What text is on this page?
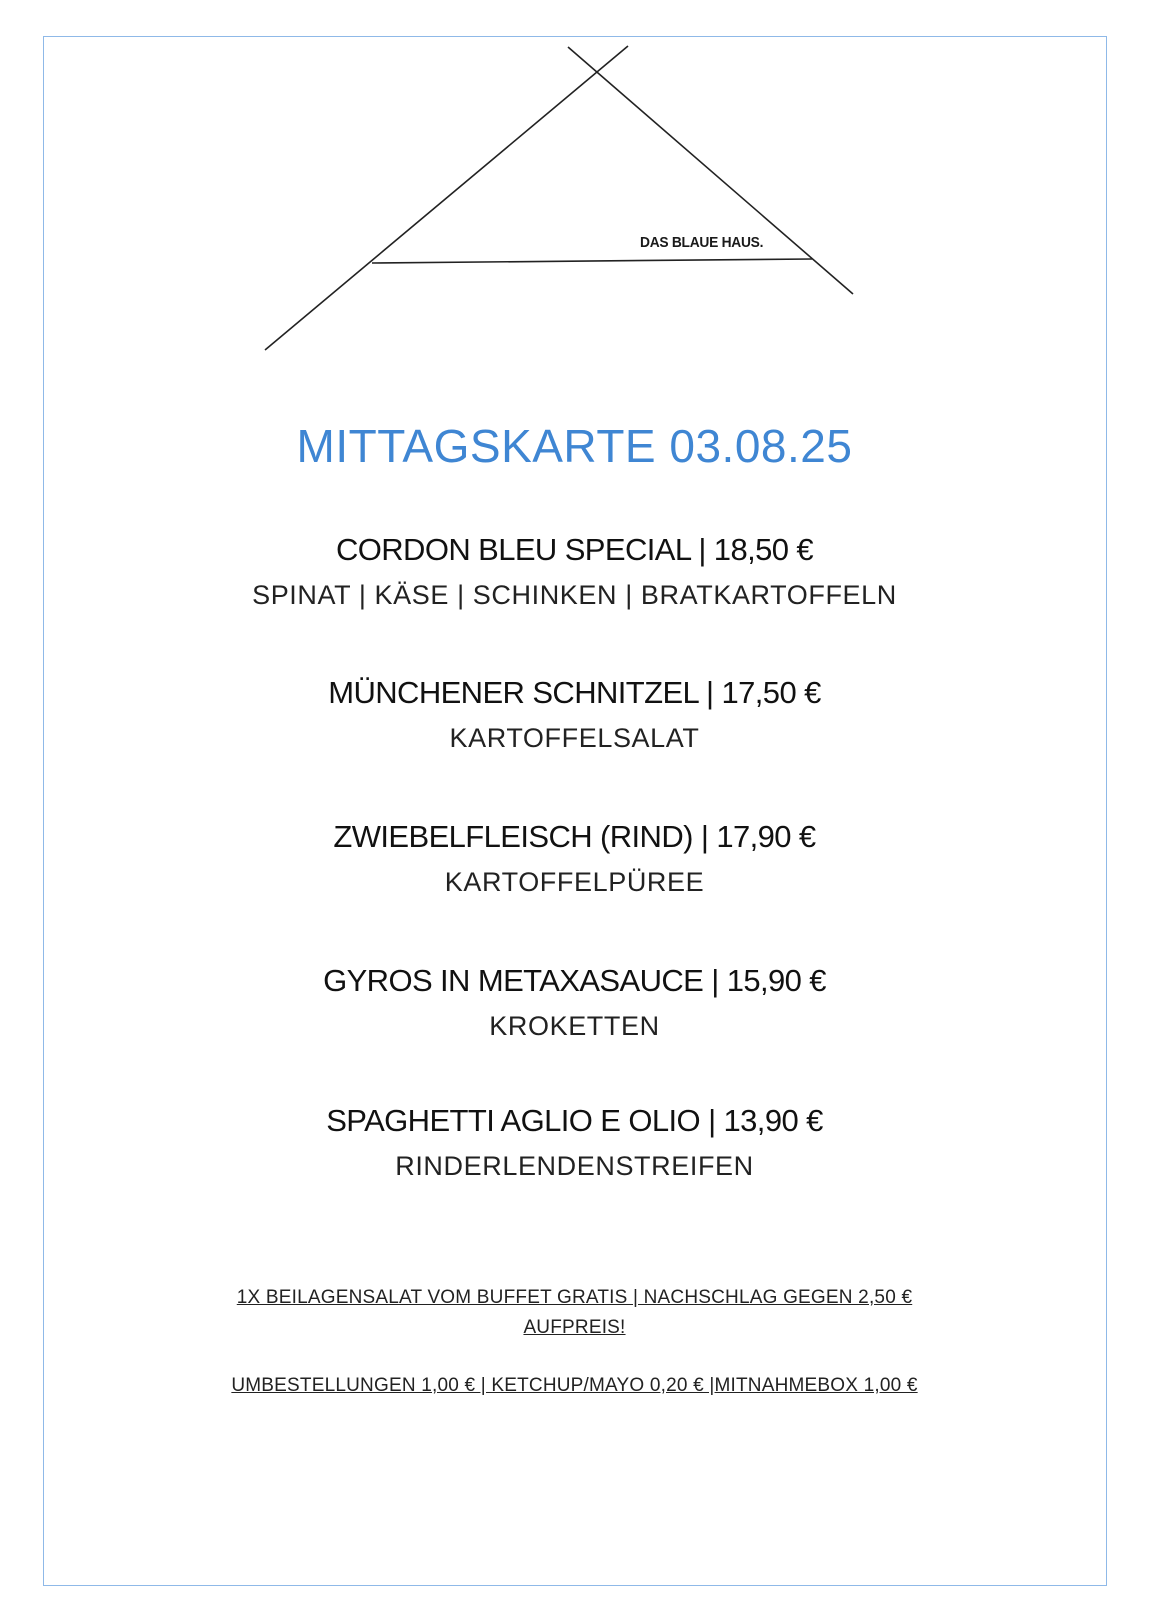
DAS BLAUE HAUS.
MITTAGSKARTE 03.08.25
CORDON BLEU SPECIAL | 18,50 €
SPINAT | KÄSE | SCHINKEN | BRATKARTOFFELN
MÜNCHENER SCHNITZEL | 17,50 €
KARTOFFELSALAT
ZWIEBELFLEISCH (RIND) | 17,90 €
KARTOFFELPÜREE
GYROS IN METAXASAUCE | 15,90 €
KROKETTEN
SPAGHETTI AGLIO E OLIO | 13,90 €
RINDERLENDENSTREIFEN
1X BEILAGENSALAT VOM BUFFET GRATIS | NACHSCHLAG GEGEN 2,50 €
AUFPREIS!
UMBESTELLUNGEN 1,00 € | KETCHUP/MAYO 0,20 € |MITNAHMEBOX 1,00 €
